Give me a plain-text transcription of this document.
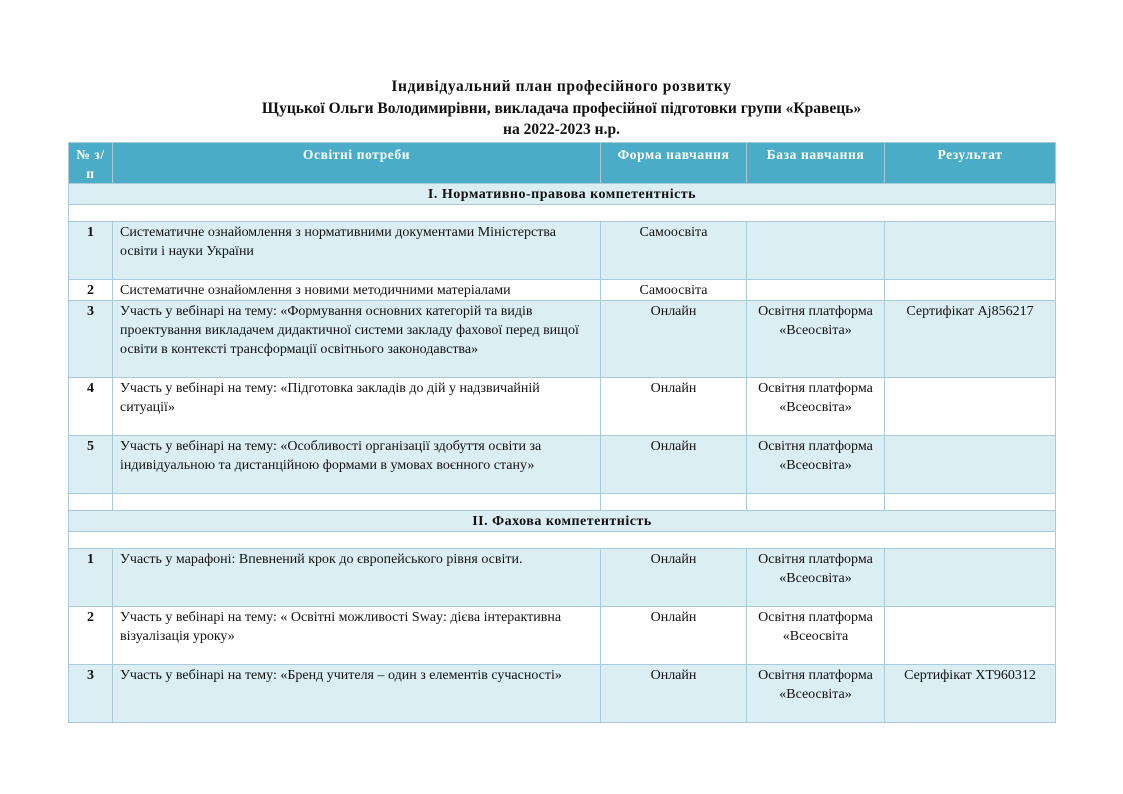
Індивідуальний план професійного розвитку
Щуцької Ольги Володимирівни, викладача професійної підготовки групи «Кравець»
на 2022-2023 н.р.
№ з/п	Освітні потреби	Форма навчання	База навчання	Результат
I. Нормативно-правова компетентність				

1	Систематичне ознайомлення з нормативними документами Міністерства освіти і науки України	Самоосвіта		
2	Систематичне ознайомлення з новими методичними матеріалами	Самоосвіта		
3	Участь у вебінарі на тему: «Формування основних категорій та видів проектування викладачем дидактичної системи закладу фахової перед вищої освіти в контексті трансформації освітнього законодавства»	Онлайн	Освітня платформа «Всеосвіта»	Сертифікат Aj856217
4	Участь у вебінарі на тему: «Підготовка закладів до дій у надзвичайній ситуації»	Онлайн	Освітня платформа «Всеосвіта»	
5	Участь у вебінарі на тему: «Особливості організації здобуття освіти за індивідуальною та дистанційною формами в умовах воєнного стану»	Онлайн	Освітня платформа «Всеосвіта»	

II. Фахова компетентність				

1	Участь у марафоні: Впевнений крок до європейського рівня освіти.	Онлайн	Освітня платформа «Всеосвіта»	
2	Участь у вебінарі на тему: « Освітні можливості Sway: дієва інтерактивна візуалізація уроку»	Онлайн	Освітня платформа «Всеосвіта	
3	Участь у вебінарі на тему: «Бренд учителя – один з елементів сучасності»	Онлайн	Освітня платформа «Всеосвіта»	Сертифікат XT960312
